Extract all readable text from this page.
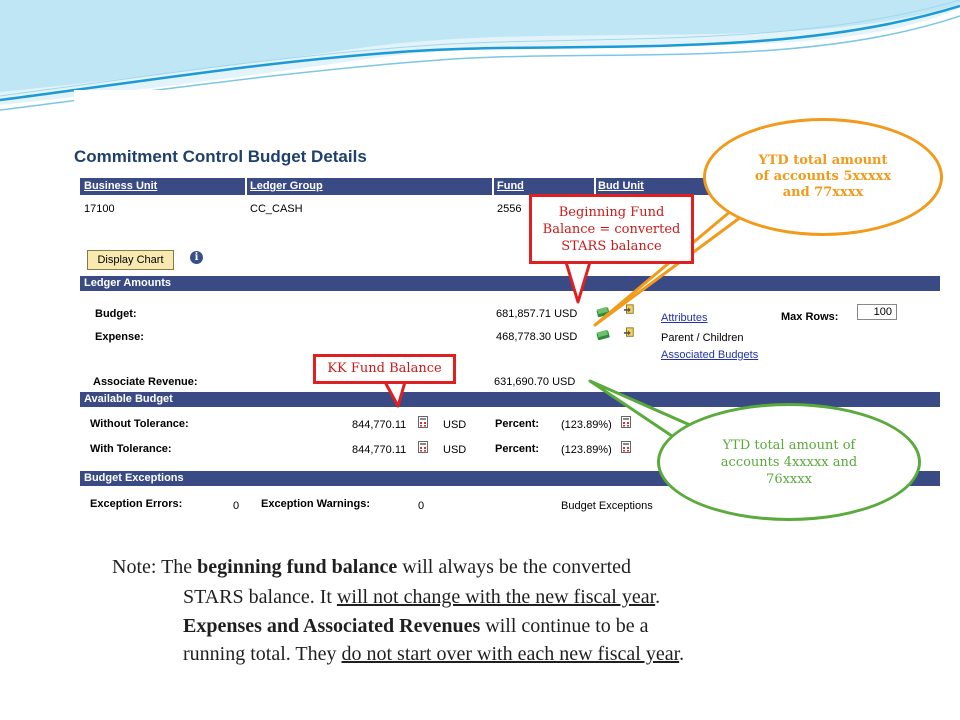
Commitment Control Budget Details
Business Unit	Ledger Group	Fund	Bud Unit
17100	CC_CASH	2556
Display Chart	i
Ledger Amounts
Budget:	681,857.71 USD
Expense:	468,778.30 USD
Attributes
Parent / Children
Associated Budgets
Max Rows:	100
Associate Revenue:	631,690.70 USD
Available Budget
Without Tolerance:	844,770.11	USD	Percent: (123.89%)
With Tolerance:	844,770.11	USD	Percent: (123.89%)
Budget Exceptions
Exception Errors:	0 Exception Warnings:	0	Budget Exceptions
YTD total amount
of accounts 5xxxxx
and 77xxxx
Beginning Fund
Balance = converted
STARS balance
KK Fund Balance
YTD total amount of
accounts 4xxxxx and
76xxxx
Note: The beginning fund balance will always be the converted
STARS balance. It will not change with the new fiscal year.
Expenses and Associated Revenues will continue to be a
running total. They do not start over with each new fiscal year.
